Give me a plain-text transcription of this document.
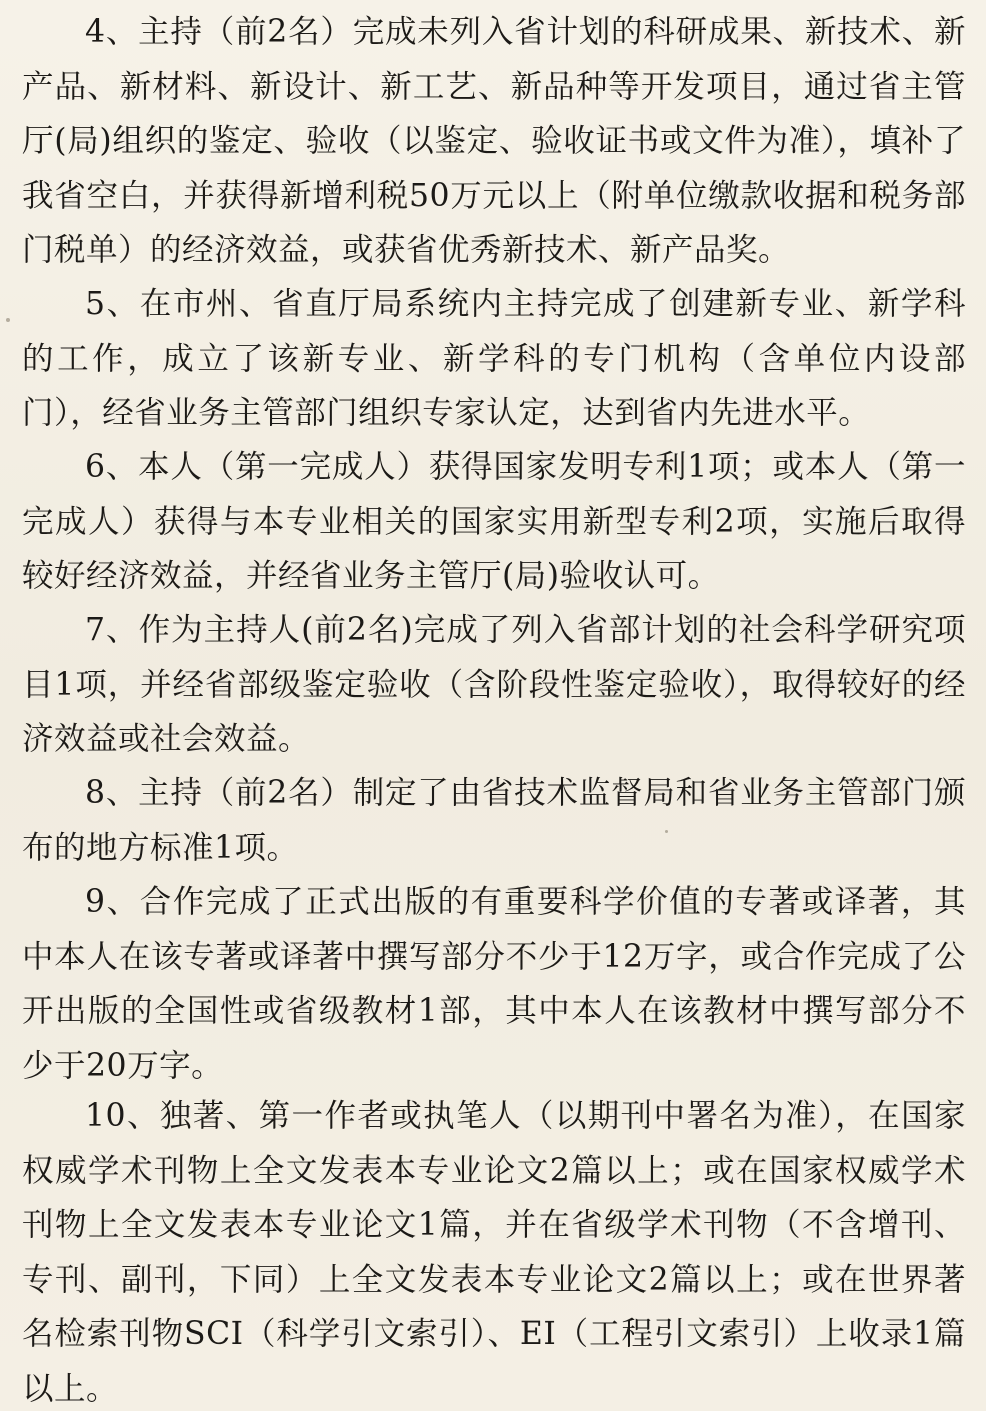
4、主持（前2名）完成未列入省计划的科研成果、新技术、新产品、新材料、新设计、新工艺、新品种等开发项目，通过省主管厅(局)组织的鉴定、验收（以鉴定、验收证书或文件为准），填补了我省空白，并获得新增利税50万元以上（附单位缴款收据和税务部门税单）的经济效益，或获省优秀新技术、新产品奖。

5、在市州、省直厅局系统内主持完成了创建新专业、新学科的工作，成立了该新专业、新学科的专门机构（含单位内设部门），经省业务主管部门组织专家认定，达到省内先进水平。

6、本人（第一完成人）获得国家发明专利1项；或本人（第一完成人）获得与本专业相关的国家实用新型专利2项，实施后取得较好经济效益，并经省业务主管厅(局)验收认可。

7、作为主持人(前2名)完成了列入省部计划的社会科学研究项目1项，并经省部级鉴定验收（含阶段性鉴定验收），取得较好的经济效益或社会效益。

8、主持（前2名）制定了由省技术监督局和省业务主管部门颁布的地方标准1项。

9、合作完成了正式出版的有重要科学价值的专著或译著，其中本人在该专著或译著中撰写部分不少于12万字，或合作完成了公开出版的全国性或省级教材1部，其中本人在该教材中撰写部分不少于20万字。

10、独著、第一作者或执笔人（以期刊中署名为准），在国家权威学术刊物上全文发表本专业论文2篇以上；或在国家权威学术刊物上全文发表本专业论文1篇，并在省级学术刊物（不含增刊、专刊、副刊，下同）上全文发表本专业论文2篇以上；或在世界著名检索刊物SCI（科学引文索引）、EI（工程引文索引）上收录1篇以上。
